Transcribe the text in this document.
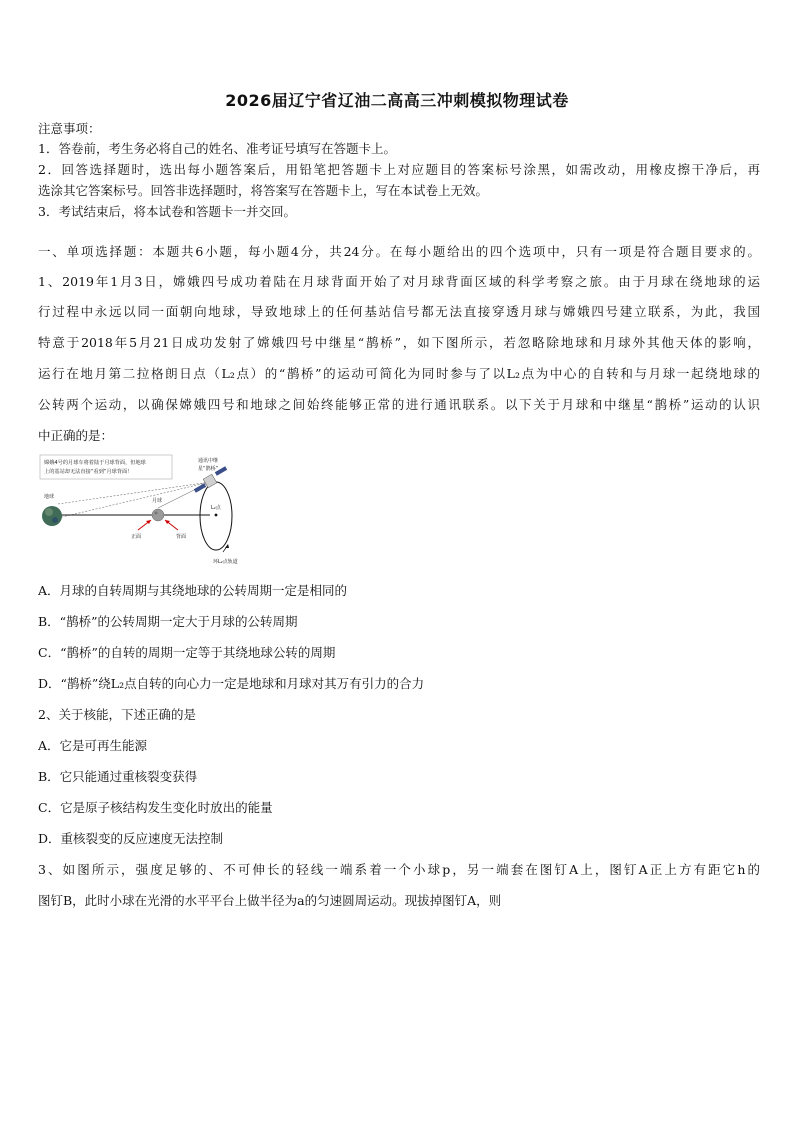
2026届辽宁省辽油二高高三冲刺模拟物理试卷
注意事项：
1．答卷前，考生务必将自己的姓名、准考证号填写在答题卡上。
2．回答选择题时，选出每小题答案后，用铅笔把答题卡上对应题目的答案标号涂黑，如需改动，用橡皮擦干净后，再
选涂其它答案标号。回答非选择题时，将答案写在答题卡上，写在本试卷上无效。
3．考试结束后，将本试卷和答题卡一并交回。
一、单项选择题：本题共6小题，每小题4分，共24分。在每小题给出的四个选项中，只有一项是符合题目要求的。
1、2019年1月3日，嫦娥四号成功着陆在月球背面开始了对月球背面区域的科学考察之旅。由于月球在绕地球的运
行过程中永远以同一面朝向地球，导致地球上的任何基站信号都无法直接穿透月球与嫦娥四号建立联系，为此，我国
特意于2018年5月21日成功发射了嫦娥四号中继星“鹊桥”，如下图所示，若忽略除地球和月球外其他天体的影响，
运行在地月第二拉格朗日点（L₂点）的“鹊桥”的运动可简化为同时参与了以L₂点为中心的自转和与月球一起绕地球的
公转两个运动，以确保嫦娥四号和地球之间始终能够正常的进行通讯联系。以下关于月球和中继星“鹊桥”运动的认识
中正确的是：
嫦娥4号的月球车将着陆于月球背面，但地球
上的基站却无法直接“看到”月球背面！
通讯中继
星“鹊桥”
地球
月球
正面	背面
L₂点
环L₂点轨道
A．月球的自转周期与其绕地球的公转周期一定是相同的
B．“鹊桥”的公转周期一定大于月球的公转周期
C．“鹊桥”的自转的周期一定等于其绕地球公转的周期
D．“鹊桥”绕L₂点自转的向心力一定是地球和月球对其万有引力的合力
2、关于核能，下述正确的是
A．它是可再生能源
B．它只能通过重核裂变获得
C．它是原子核结构发生变化时放出的能量
D．重核裂变的反应速度无法控制
3、如图所示，强度足够的、不可伸长的轻线一端系着一个小球p，另一端套在图钉A上，图钉A正上方有距它h的
图钉B，此时小球在光滑的水平平台上做半径为a的匀速圆周运动。现拔掉图钉A，则
